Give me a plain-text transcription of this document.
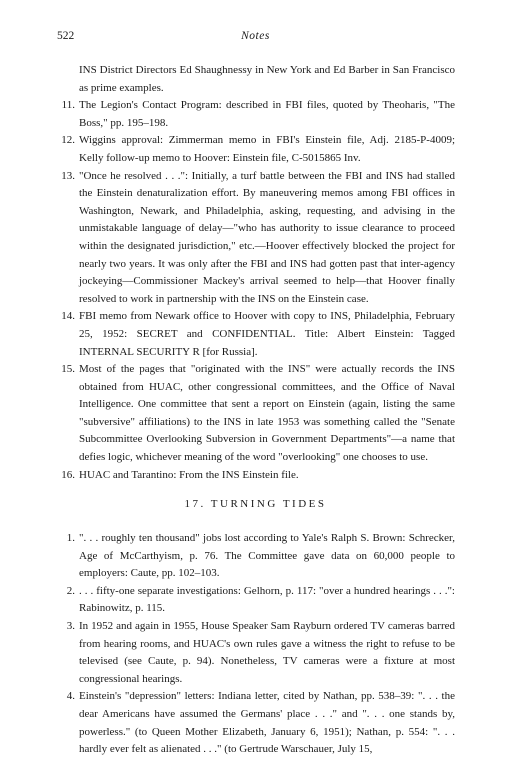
522	Notes

INS District Directors Ed Shaughnessy in New York and Ed Barber in San Francisco as prime examples.

11. The Legion's Contact Program: described in FBI files, quoted by Theoharis, "The Boss," pp. 195–198.

12. Wiggins approval: Zimmerman memo in FBI's Einstein file, Adj. 2185-P-4009; Kelly follow-up memo to Hoover: Einstein file, C-5015865 Inv.

13. "Once he resolved . . .": Initially, a turf battle between the FBI and INS had stalled the Einstein denaturalization effort. By maneuvering memos among FBI offices in Washington, Newark, and Philadelphia, asking, requesting, and advising in the unmistakable language of delay—"who has authority to issue clearance to proceed within the designated jurisdiction," etc.—Hoover effectively blocked the project for nearly two years. It was only after the FBI and INS had gotten past that inter-agency jockeying—Commissioner Mackey's arrival seemed to help—that Hoover finally resolved to work in partnership with the INS on the Einstein case.

14. FBI memo from Newark office to Hoover with copy to INS, Philadelphia, February 25, 1952: SECRET and CONFIDENTIAL. Title: Albert Einstein: Tagged INTERNAL SECURITY R [for Russia].

15. Most of the pages that "originated with the INS" were actually records the INS obtained from HUAC, other congressional committees, and the Office of Naval Intelligence. One committee that sent a report on Einstein (again, listing the same "subversive" affiliations) to the INS in late 1953 was something called the "Senate Subcommittee Overlooking Subversion in Government Departments"—a name that defies logic, whichever meaning of the word "overlooking" one chooses to use.

16. HUAC and Tarantino: From the INS Einstein file.

17. TURNING TIDES

1. ". . . roughly ten thousand" jobs lost according to Yale's Ralph S. Brown: Schrecker, Age of McCarthyism, p. 76. The Committee gave data on 60,000 people to employers: Caute, pp. 102–103.

2. . . . fifty-one separate investigations: Gelhorn, p. 117: "over a hundred hearings . . .": Rabinowitz, p. 115.

3. In 1952 and again in 1955, House Speaker Sam Rayburn ordered TV cameras barred from hearing rooms, and HUAC's own rules gave a witness the right to refuse to be televised (see Caute, p. 94). Nonetheless, TV cameras were a fixture at most congressional hearings.

4. Einstein's "depression" letters: Indiana letter, cited by Nathan, pp. 538–39: ". . . the dear Americans have assumed the Germans' place . . ." and ". . . one stands by, powerless." (to Queen Mother Elizabeth, January 6, 1951); Nathan, p. 554: ". . . hardly ever felt as alienated . . ." (to Gertrude Warschauer, July 15,
